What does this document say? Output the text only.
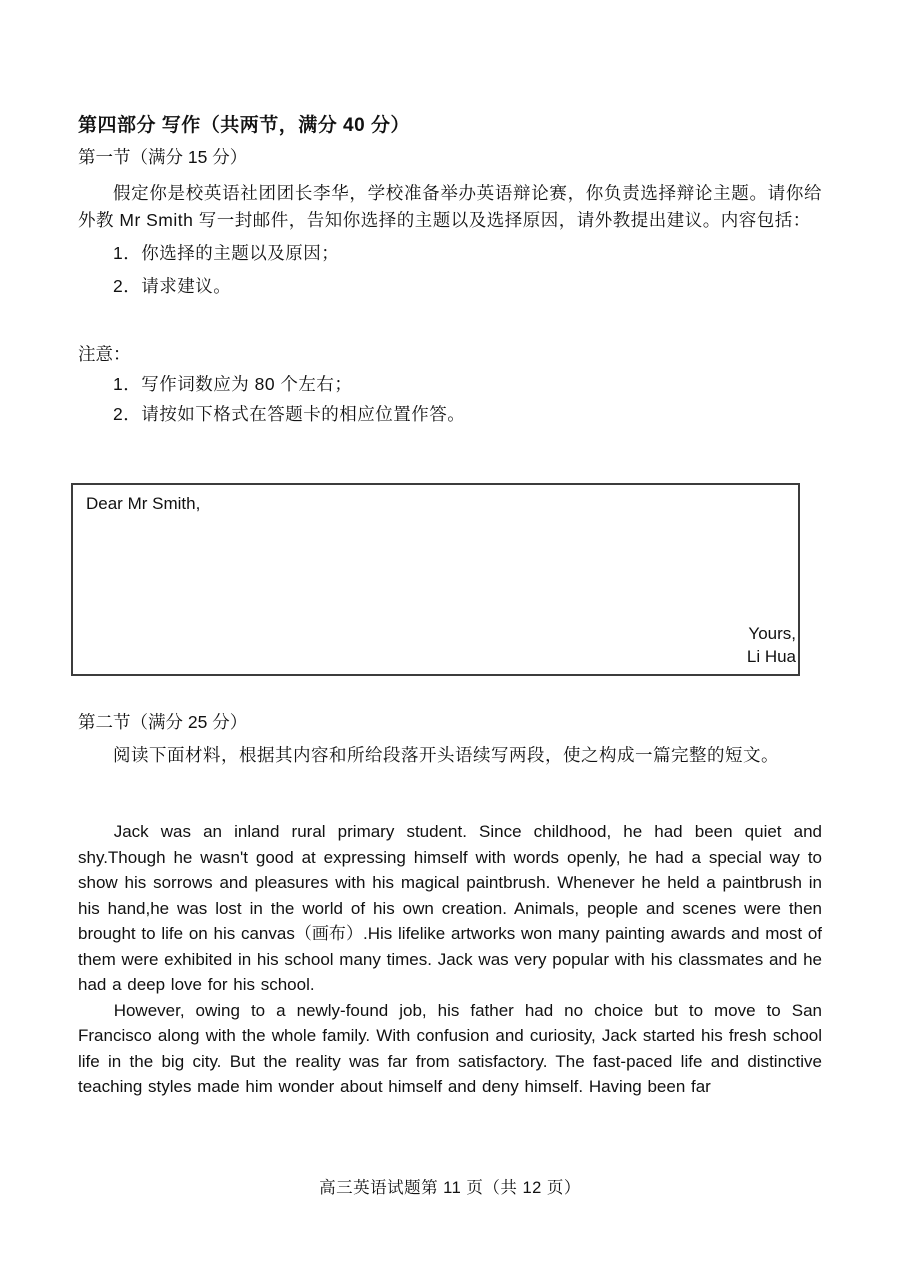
第四部分 写作（共两节，满分 40 分）
第一节（满分 15 分）

假定你是校英语社团团长李华，学校准备举办英语辩论赛，你负责选择辩论主题。请你给外教 Mr Smith 写一封邮件，告知你选择的主题以及选择原因，请外教提出建议。内容包括：

1．你选择的主题以及原因；
2．请求建议。
注意：
1．写作词数应为 80 个左右；
2．请按如下格式在答题卡的相应位置作答。
Dear Mr Smith,
Yours,
Li Hua
第二节（满分 25 分）
阅读下面材料，根据其内容和所给段落开头语续写两段，使之构成一篇完整的短文。

Jack was an inland rural primary student. Since childhood, he had been quiet and shy.Though he wasn't good at expressing himself with words openly, he had a special way to show his sorrows and pleasures with his magical paintbrush. Whenever he held a paintbrush in his hand,he was lost in the world of his own creation. Animals, people and scenes were then brought to life on his canvas（画布）.His lifelike artworks won many painting awards and most of them were exhibited in his school many times. Jack was very popular with his classmates and he had a deep love for his school.

However, owing to a newly-found job, his father had no choice but to move to San Francisco along with the whole family. With confusion and curiosity, Jack started his fresh school life in the big city. But the reality was far from satisfactory. The fast-paced life and distinctive teaching styles made him wonder about himself and deny himself. Having been far

高三英语试题第 11 页（共 12 页）
